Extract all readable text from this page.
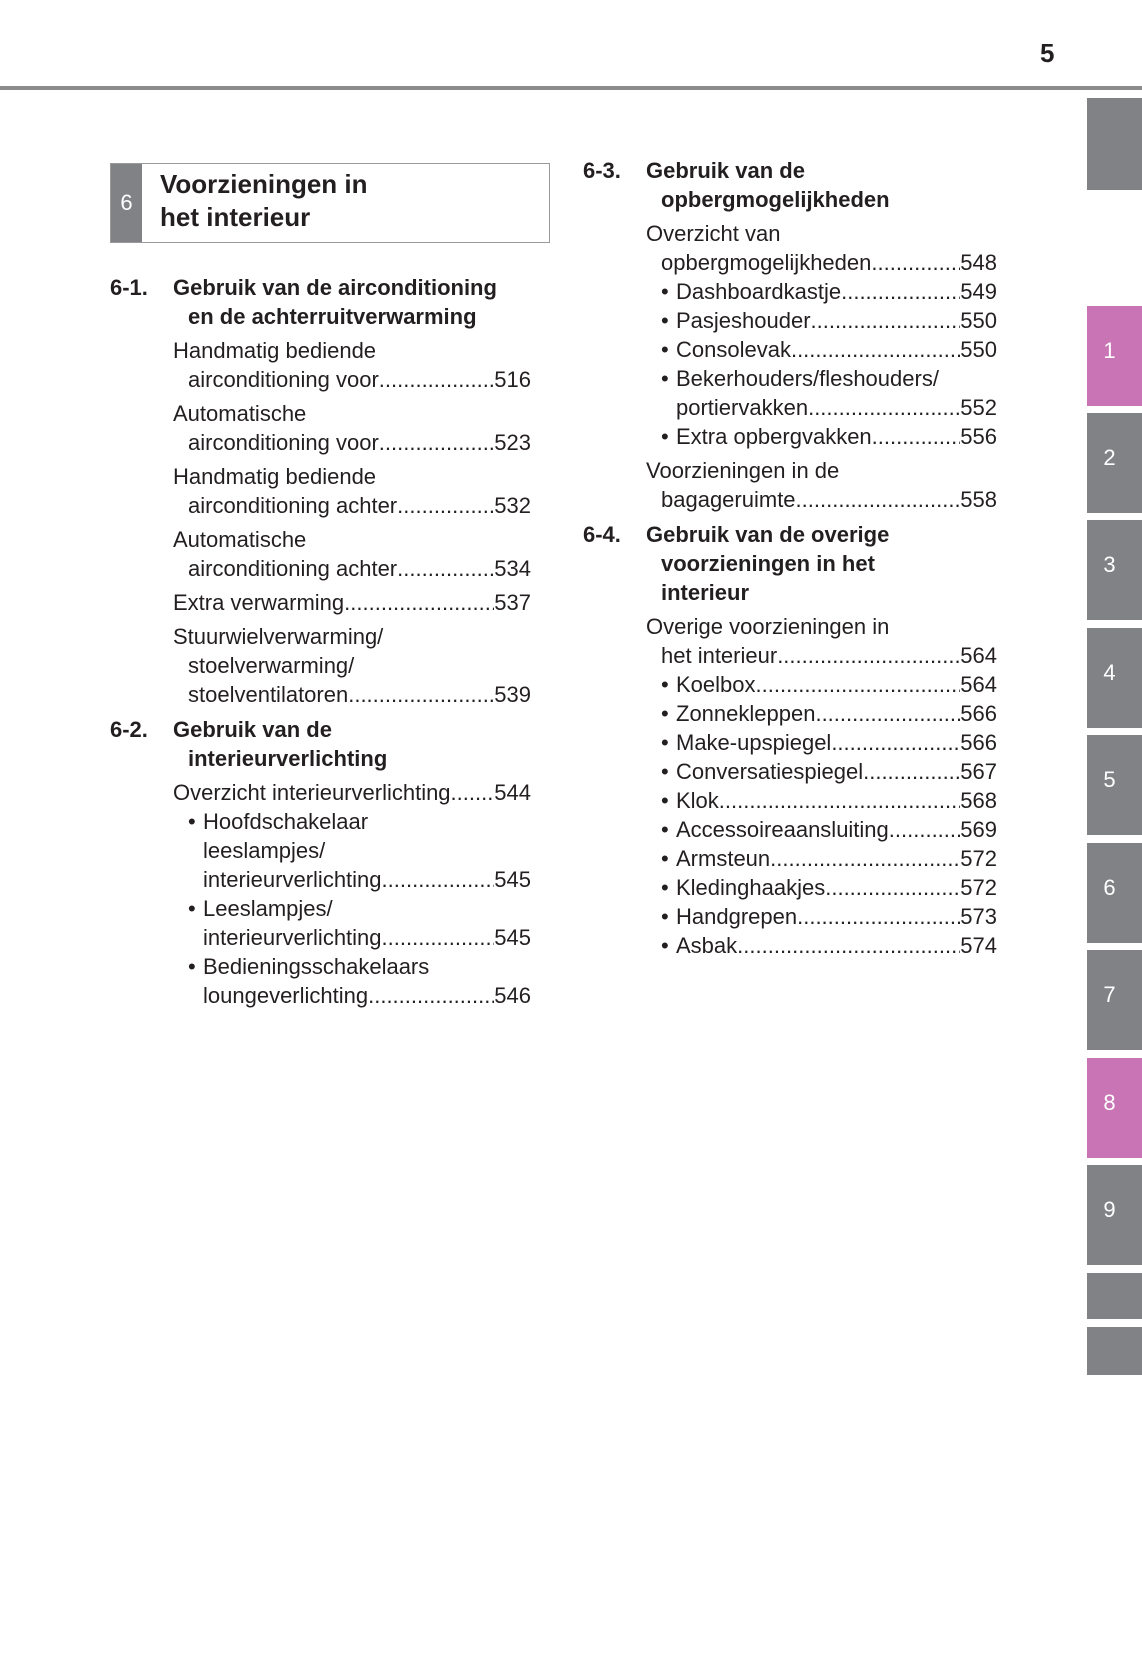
5
6
Voorzieningen in
het interieur
6-1. Gebruik van de airconditioning
en de achterruitverwarming
Handmatig bediende
airconditioning voor .....	516
Automatische
airconditioning voor .....	523
Handmatig bediende
airconditioning achter .....	532
Automatische
airconditioning achter .....	534
Extra verwarming .....	537
Stuurwielverwarming/
stoelverwarming/
stoelventilatoren .....	539
6-2. Gebruik van de
interieurverlichting
Overzicht interieurverlichting ..... 544
• Hoofdschakelaar
leeslampjes/
interieurverlichting .....	545
• Leeslampjes/
interieurverlichting .....	545
• Bedieningsschakelaars
loungeverlichting .....	546
6-3. Gebruik van de
opbergmogelijkheden
Overzicht van
opbergmogelijkheden .....	548
• Dashboardkastje .....	549
• Pasjeshouder .....	550
• Consolevak .....	550
• Bekerhouders/fleshouders/
portiervakken .....	552
• Extra opbergvakken .....	556
Voorzieningen in de
bagageruimte .....	558
6-4. Gebruik van de overige
voorzieningen in het
interieur
Overige voorzieningen in
het interieur .....	564
• Koelbox .....	564
• Zonnekleppen .....	566
• Make-upspiegel .....	566
• Conversatiespiegel .....	567
• Klok .....	568
• Accessoireaansluiting .....	569
• Armsteun .....	572
• Kledinghaakjes .....	572
• Handgrepen .....	573
• Asbak .....	574
1
2
3
4
5
6
7
8
9
